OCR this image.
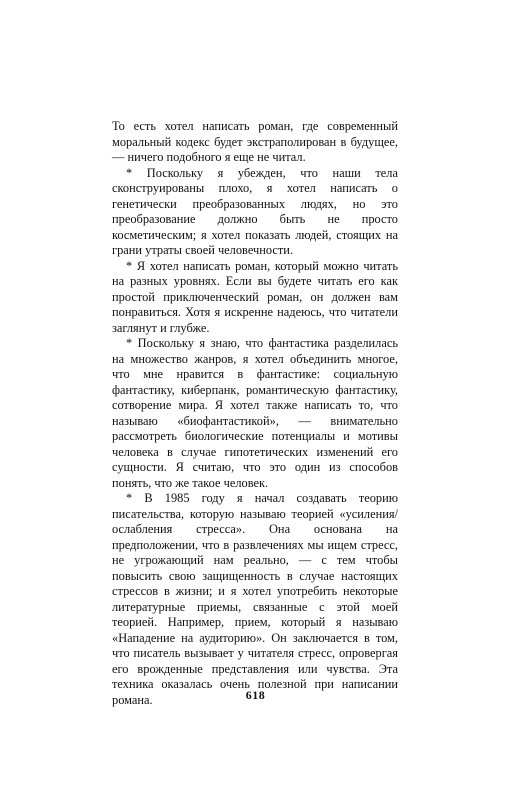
То есть хотел написать роман, где современный моральный кодекс будет экстраполирован в будущее, — ничего подобного я еще не читал.

* Поскольку я убежден, что наши тела сконструированы плохо, я хотел написать о генетически преобразованных людях, но это преобразование должно быть не просто косметическим; я хотел показать людей, стоящих на грани утраты своей человечности.

* Я хотел написать роман, который можно читать на разных уровнях. Если вы будете читать его как простой приключенческий роман, он должен вам понравиться. Хотя я искренне надеюсь, что читатели заглянут и глубже.

* Поскольку я знаю, что фантастика разделилась на множество жанров, я хотел объединить многое, что мне нравится в фантастике: социальную фантастику, киберпанк, романтическую фантастику, сотворение мира. Я хотел также написать то, что называю «биофантастикой», — внимательно рассмотреть биологические потенциалы и мотивы человека в случае гипотетических изменений его сущности. Я считаю, что это один из способов понять, что же такое человек.

* В 1985 году я начал создавать теорию писательства, которую называю теорией «усиления/ослабления стресса». Она основана на предположении, что в развлечениях мы ищем стресс, не угрожающий нам реально, — с тем чтобы повысить свою защищенность в случае настоящих стрессов в жизни; и я хотел употребить некоторые литературные приемы, связанные с этой моей теорией. Например, прием, который я называю «Нападение на аудиторию». Он заключается в том, что писатель вызывает у читателя стресс, опровергая его врожденные представления или чувства. Эта техника оказалась очень полезной при написании романа.	618
